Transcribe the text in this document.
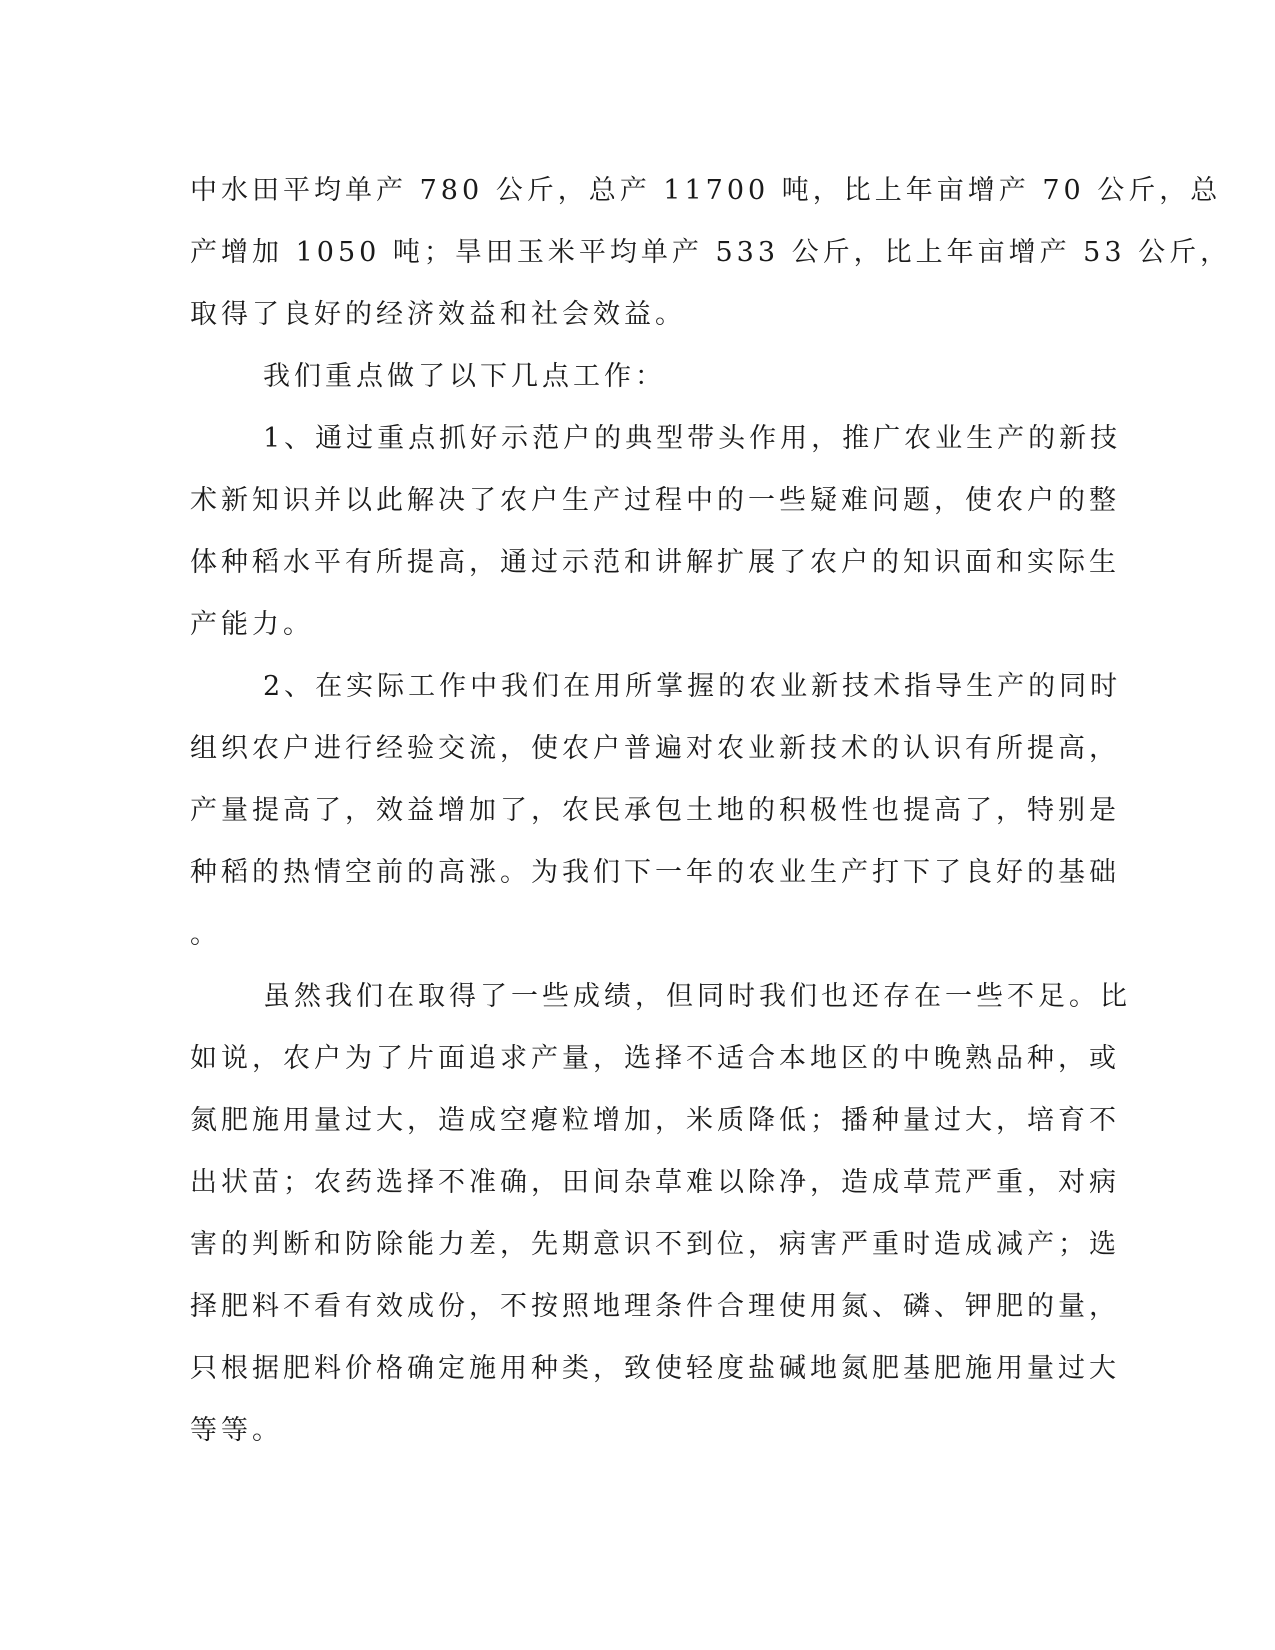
中水田平均单产 780 公斤，总产 11700 吨，比上年亩增产 70 公斤，总
产增加 1050 吨；旱田玉米平均单产 533 公斤，比上年亩增产 53 公斤，
取得了良好的经济效益和社会效益。
我们重点做了以下几点工作：
1、通过重点抓好示范户的典型带头作用，推广农业生产的新技
术新知识并以此解决了农户生产过程中的一些疑难问题，使农户的整
体种稻水平有所提高，通过示范和讲解扩展了农户的知识面和实际生
产能力。
2、在实际工作中我们在用所掌握的农业新技术指导生产的同时
组织农户进行经验交流，使农户普遍对农业新技术的认识有所提高，
产量提高了，效益增加了，农民承包土地的积极性也提高了，特别是
种稻的热情空前的高涨。为我们下一年的农业生产打下了良好的基础
。
虽然我们在取得了一些成绩，但同时我们也还存在一些不足。比
如说，农户为了片面追求产量，选择不适合本地区的中晚熟品种，或
氮肥施用量过大，造成空瘪粒增加，米质降低；播种量过大，培育不
出状苗；农药选择不准确，田间杂草难以除净，造成草荒严重，对病
害的判断和防除能力差，先期意识不到位，病害严重时造成减产；选
择肥料不看有效成份，不按照地理条件合理使用氮、磷、钾肥的量，
只根据肥料价格确定施用种类，致使轻度盐碱地氮肥基肥施用量过大
等等。
